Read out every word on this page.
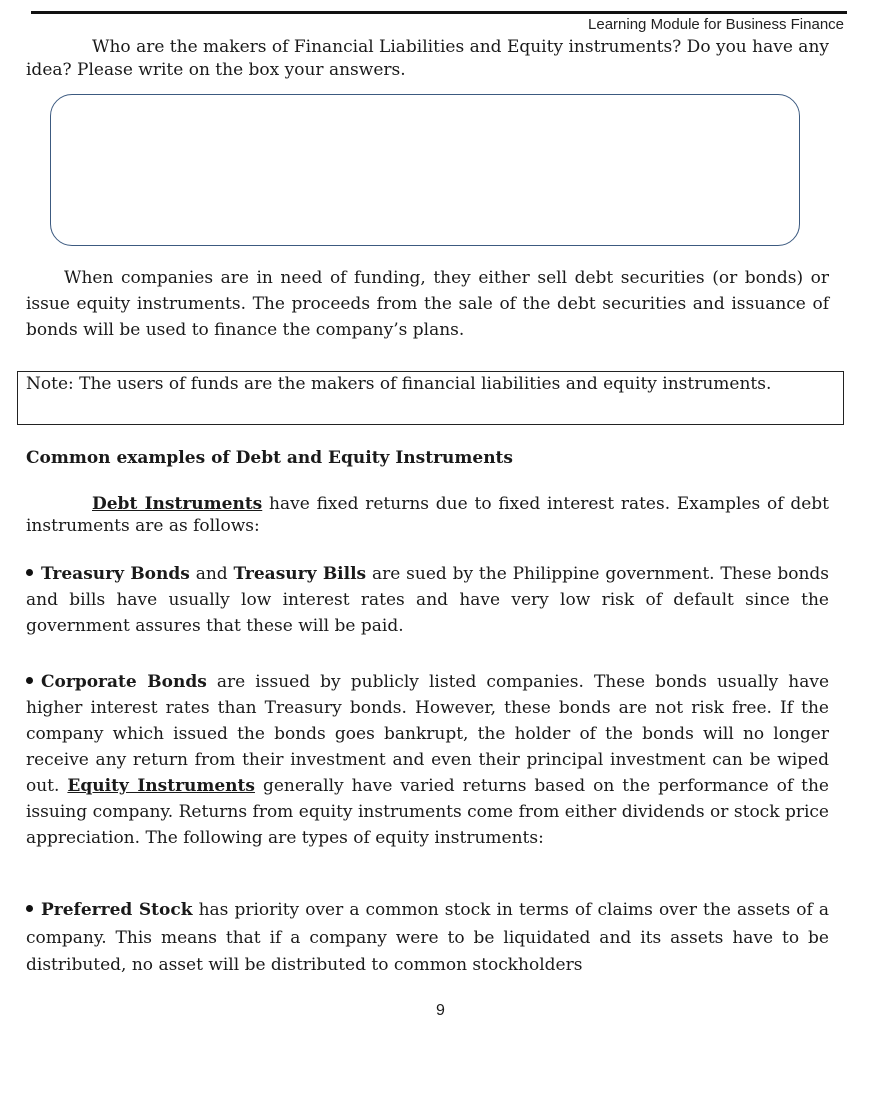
Learning Module for Business Finance
Who are the makers of Financial Liabilities and Equity instruments? Do you have any idea? Please write on the box your answers.
When companies are in need of funding, they either sell debt securities (or bonds) or issue equity instruments. The proceeds from the sale of the debt securities and issuance of bonds will be used to finance the company’s plans.
Note: The users of funds are the makers of financial liabilities and equity instruments.
Common examples of Debt and Equity Instruments
Debt Instruments have fixed returns due to fixed interest rates. Examples of debt instruments are as follows:
Treasury Bonds and Treasury Bills are sued by the Philippine government. These bonds and bills have usually low interest rates and have very low risk of default since the government assures that these will be paid.
Corporate Bonds are issued by publicly listed companies. These bonds usually have higher interest rates than Treasury bonds. However, these bonds are not risk free. If the company which issued the bonds goes bankrupt, the holder of the bonds will no longer receive any return from their investment and even their principal investment can be wiped out. Equity Instruments generally have varied returns based on the performance of the issuing company. Returns from equity instruments come from either dividends or stock price appreciation. The following are types of equity instruments:
Preferred Stock has priority over a common stock in terms of claims over the assets of a company. This means that if a company were to be liquidated and its assets have to be distributed, no asset will be distributed to common stockholders
9
